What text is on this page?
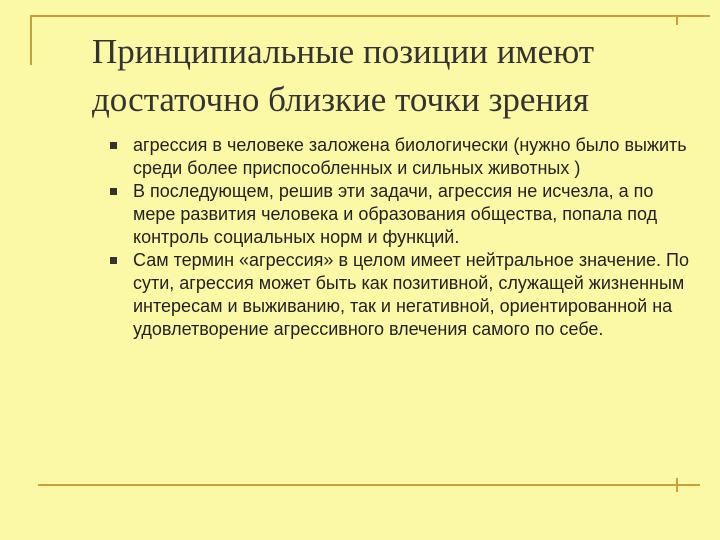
Принципиальные позиции имеют достаточно близкие точки зрения
агрессия в человеке заложена биологически (нужно было выжить среди более приспособленных и сильных животных )
В последующем, решив эти задачи, агрессия не исчезла, а по мере развития человека и образования общества, попала под контроль социальных норм и функций.
Сам термин «агрессия» в целом имеет нейтральное значение. По сути, агрессия может быть как позитивной, служащей жизненным интересам и выживанию, так и негативной, ориентированной на удовлетворение агрессивного влечения самого по себе.
